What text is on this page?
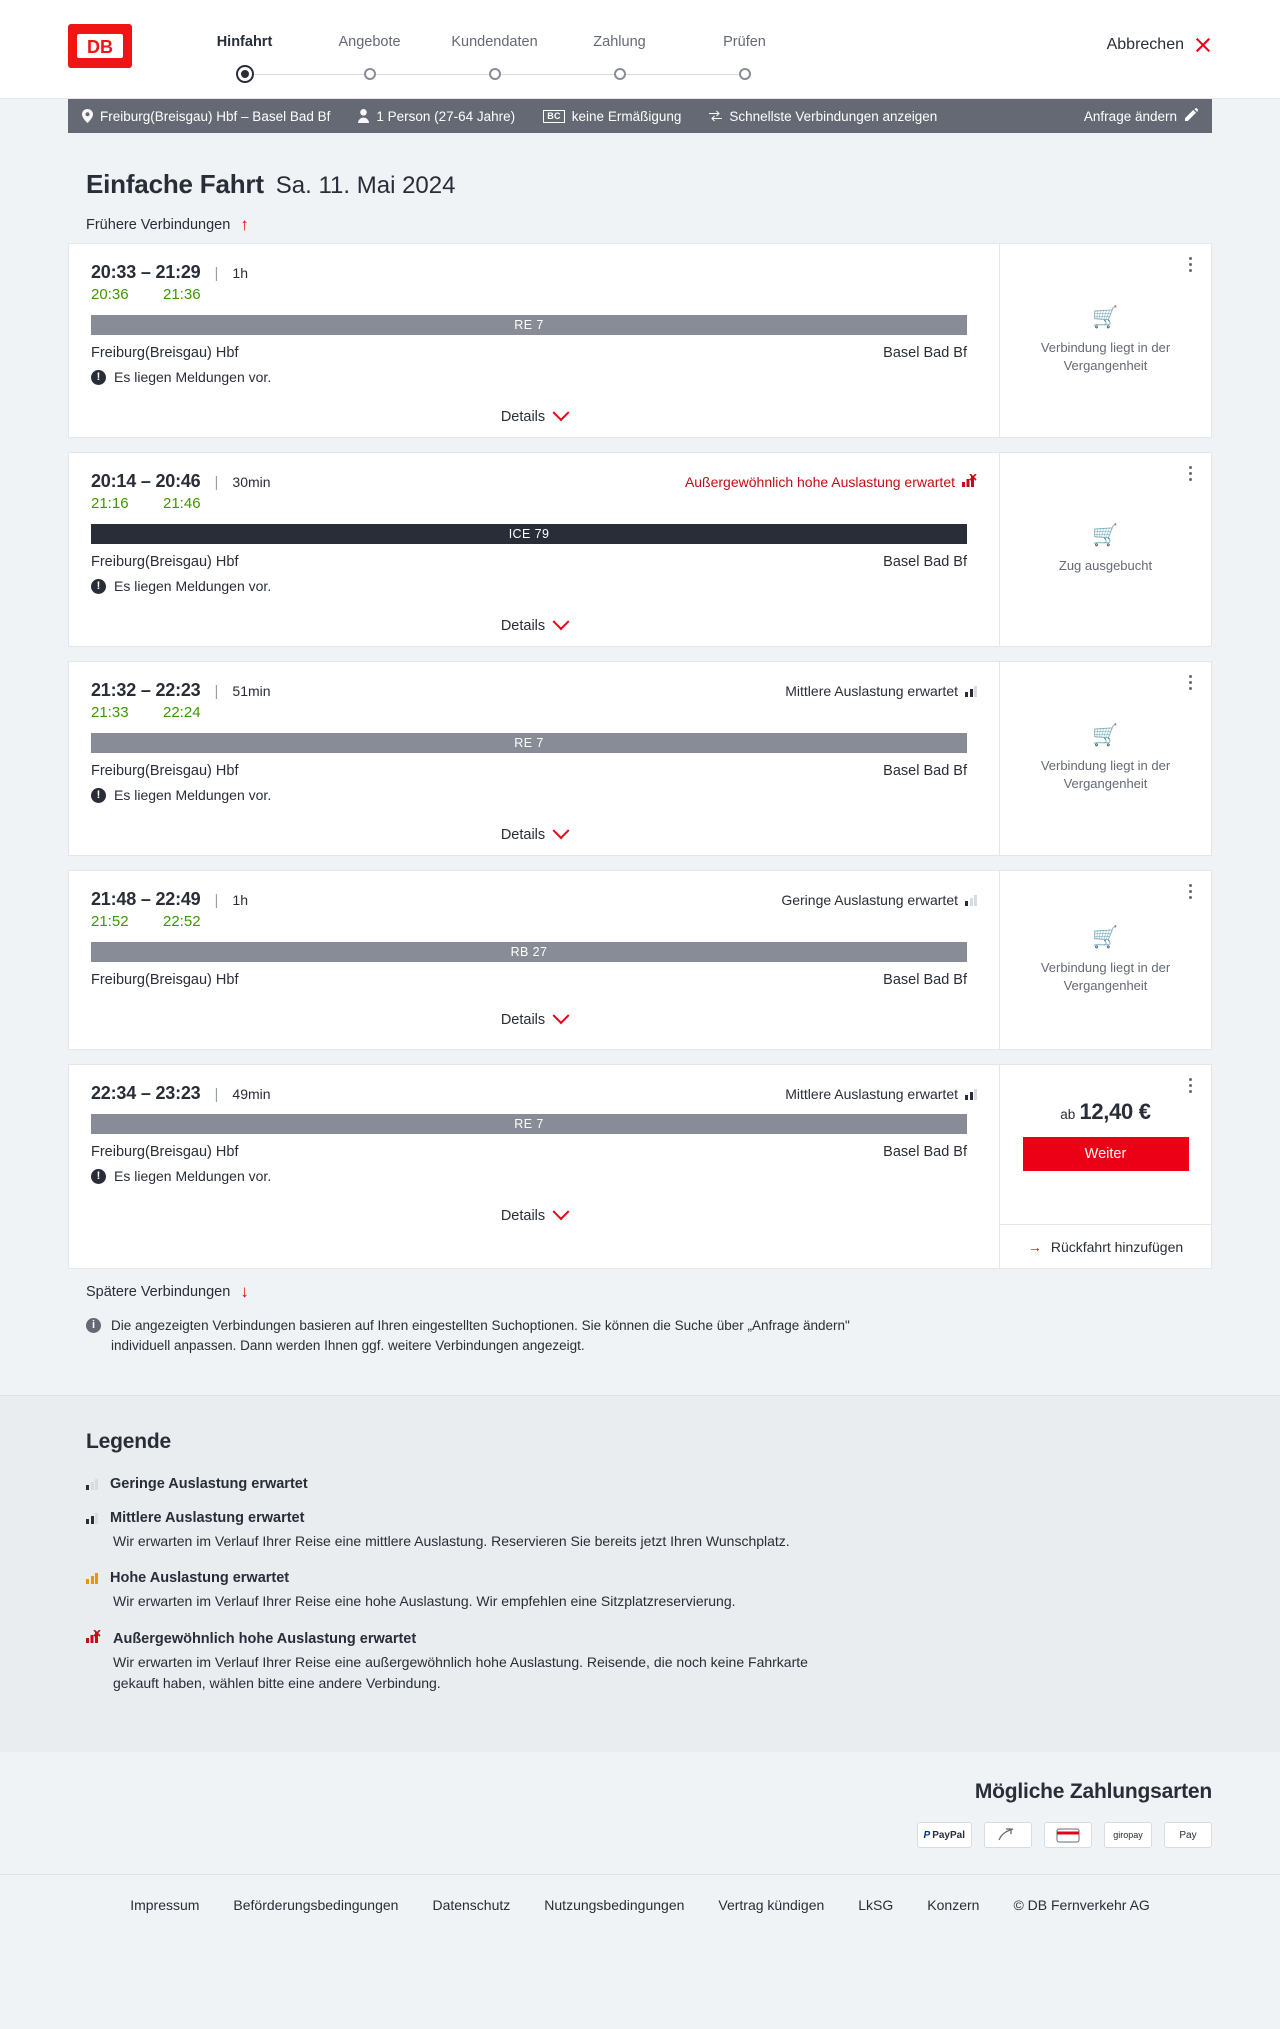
DB	Hinfahrt	Angebote	Kundendaten	Zahlung	Prüfen	Abbrechen
Freiburg(Breisgau) Hbf – Basel Bad Bf	1 Person (27-64 Jahre)	BC keine Ermäßigung	Schnellste Verbindungen anzeigen	Anfrage ändern
Einfache Fahrt Sa. 11. Mai 2024
Frühere Verbindungen ↑
20:33 – 21:29 | 1h
20:36	21:36
RE 7
Freiburg(Breisgau) Hbf	Basel Bad Bf
! Es liegen Meldungen vor.
Details
🛒
Verbindung liegt in der Vergangenheit
20:14 – 20:46 | 30min	Außergewöhnlich hohe Auslastung erwartet
21:16	21:46
ICE 79
Freiburg(Breisgau) Hbf	Basel Bad Bf
! Es liegen Meldungen vor.
Details
🛒
Zug ausgebucht
21:32 – 22:23 | 51min	Mittlere Auslastung erwartet
21:33	22:24
RE 7
Freiburg(Breisgau) Hbf	Basel Bad Bf
! Es liegen Meldungen vor.
Details
🛒
Verbindung liegt in der Vergangenheit
21:48 – 22:49 | 1h	Geringe Auslastung erwartet
21:52	22:52
RB 27
Freiburg(Breisgau) Hbf	Basel Bad Bf
Details
🛒
Verbindung liegt in der Vergangenheit
22:34 – 23:23 | 49min	Mittlere Auslastung erwartet
RE 7
Freiburg(Breisgau) Hbf	Basel Bad Bf
! Es liegen Meldungen vor.
Details
ab 12,40 €
Weiter
→ Rückfahrt hinzufügen
Spätere Verbindungen ↓
i	Die angezeigten Verbindungen basieren auf Ihren eingestellten Suchoptionen. Sie können die Suche über „Anfrage ändern" individuell anpassen. Dann werden Ihnen ggf. weitere Verbindungen angezeigt.
Legende
Geringe Auslastung erwartet
Mittlere Auslastung erwartet
Wir erwarten im Verlauf Ihrer Reise eine mittlere Auslastung. Reservieren Sie bereits jetzt Ihren Wunschplatz.
Hohe Auslastung erwartet
Wir erwarten im Verlauf Ihrer Reise eine hohe Auslastung. Wir empfehlen eine Sitzplatzreservierung.
Außergewöhnlich hohe Auslastung erwartet
Wir erwarten im Verlauf Ihrer Reise eine außergewöhnlich hohe Auslastung. Reisende, die noch keine Fahrkarte gekauft haben, wählen bitte eine andere Verbindung.
Mögliche Zahlungsarten
P PayPal	giropay	Pay
Impressum Beförderungsbedingungen Datenschutz Nutzungsbedingungen Vertrag kündigen LkSG Konzern © DB Fernverkehr AG
